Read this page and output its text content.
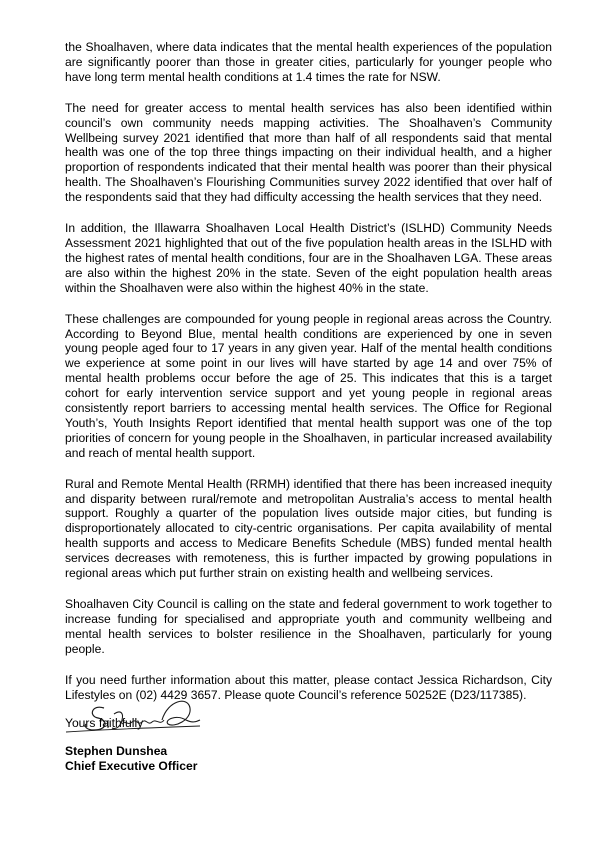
the Shoalhaven, where data indicates that the mental health experiences of the population are significantly poorer than those in greater cities, particularly for younger people who have long term mental health conditions at 1.4 times the rate for NSW.

The need for greater access to mental health services has also been identified within council’s own community needs mapping activities. The Shoalhaven’s Community Wellbeing survey 2021 identified that more than half of all respondents said that mental health was one of the top three things impacting on their individual health, and a higher proportion of respondents indicated that their mental health was poorer than their physical health. The Shoalhaven’s Flourishing Communities survey 2022 identified that over half of the respondents said that they had difficulty accessing the health services that they need.

In addition, the Illawarra Shoalhaven Local Health District’s (ISLHD) Community Needs Assessment 2021 highlighted that out of the five population health areas in the ISLHD with the highest rates of mental health conditions, four are in the Shoalhaven LGA. These areas are also within the highest 20% in the state. Seven of the eight population health areas within the Shoalhaven were also within the highest 40% in the state.

These challenges are compounded for young people in regional areas across the Country. According to Beyond Blue, mental health conditions are experienced by one in seven young people aged four to 17 years in any given year. Half of the mental health conditions we experience at some point in our lives will have started by age 14 and over 75% of mental health problems occur before the age of 25. This indicates that this is a target cohort for early intervention service support and yet young people in regional areas consistently report barriers to accessing mental health services. The Office for Regional Youth’s, Youth Insights Report identified that mental health support was one of the top priorities of concern for young people in the Shoalhaven, in particular increased availability and reach of mental health support.

Rural and Remote Mental Health (RRMH) identified that there has been increased inequity and disparity between rural/remote and metropolitan Australia’s access to mental health support. Roughly a quarter of the population lives outside major cities, but funding is disproportionately allocated to city-centric organisations. Per capita availability of mental health supports and access to Medicare Benefits Schedule (MBS) funded mental health services decreases with remoteness, this is further impacted by growing populations in regional areas which put further strain on existing health and wellbeing services.

Shoalhaven City Council is calling on the state and federal government to work together to increase funding for specialised and appropriate youth and community wellbeing and mental health services to bolster resilience in the Shoalhaven, particularly for young people.

If you need further information about this matter, please contact Jessica Richardson, City Lifestyles on (02) 4429 3657. Please quote Council’s reference 50252E (D23/117385).

Yours faithfully

Stephen Dunshea
Chief Executive Officer
